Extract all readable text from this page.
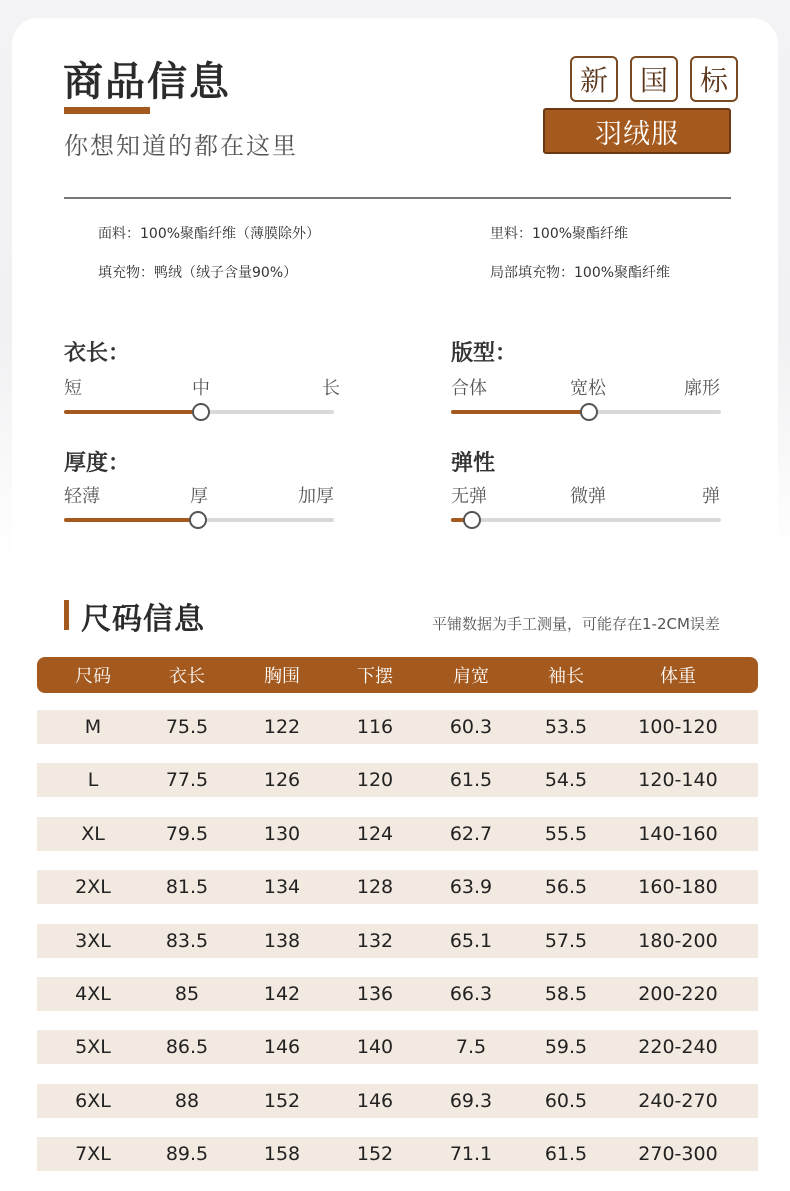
商品信息
你想知道的都在这里
新	国	标
羽绒服
面料：100%聚酯纤维（薄膜除外）	里料：100%聚酯纤维
填充物：鸭绒（绒子含量90%）	局部填充物：100%聚酯纤维
衣长：
短	中	长
版型：
合体	宽松	廓形
厚度：
轻薄	厚	加厚
弹性
无弹	微弹	弹
尺码信息	平铺数据为手工测量，可能存在1-2CM误差
尺码	衣长	胸围	下摆	肩宽	袖长	体重
M	75.5	122	116	60.3	53.5	100-120
L	77.5	126	120	61.5	54.5	120-140
XL	79.5	130	124	62.7	55.5	140-160
2XL	81.5	134	128	63.9	56.5	160-180
3XL	83.5	138	132	65.1	57.5	180-200
4XL	85	142	136	66.3	58.5	200-220
5XL	86.5	146	140	7.5	59.5	220-240
6XL	88	152	146	69.3	60.5	240-270
7XL	89.5	158	152	71.1	61.5	270-300
